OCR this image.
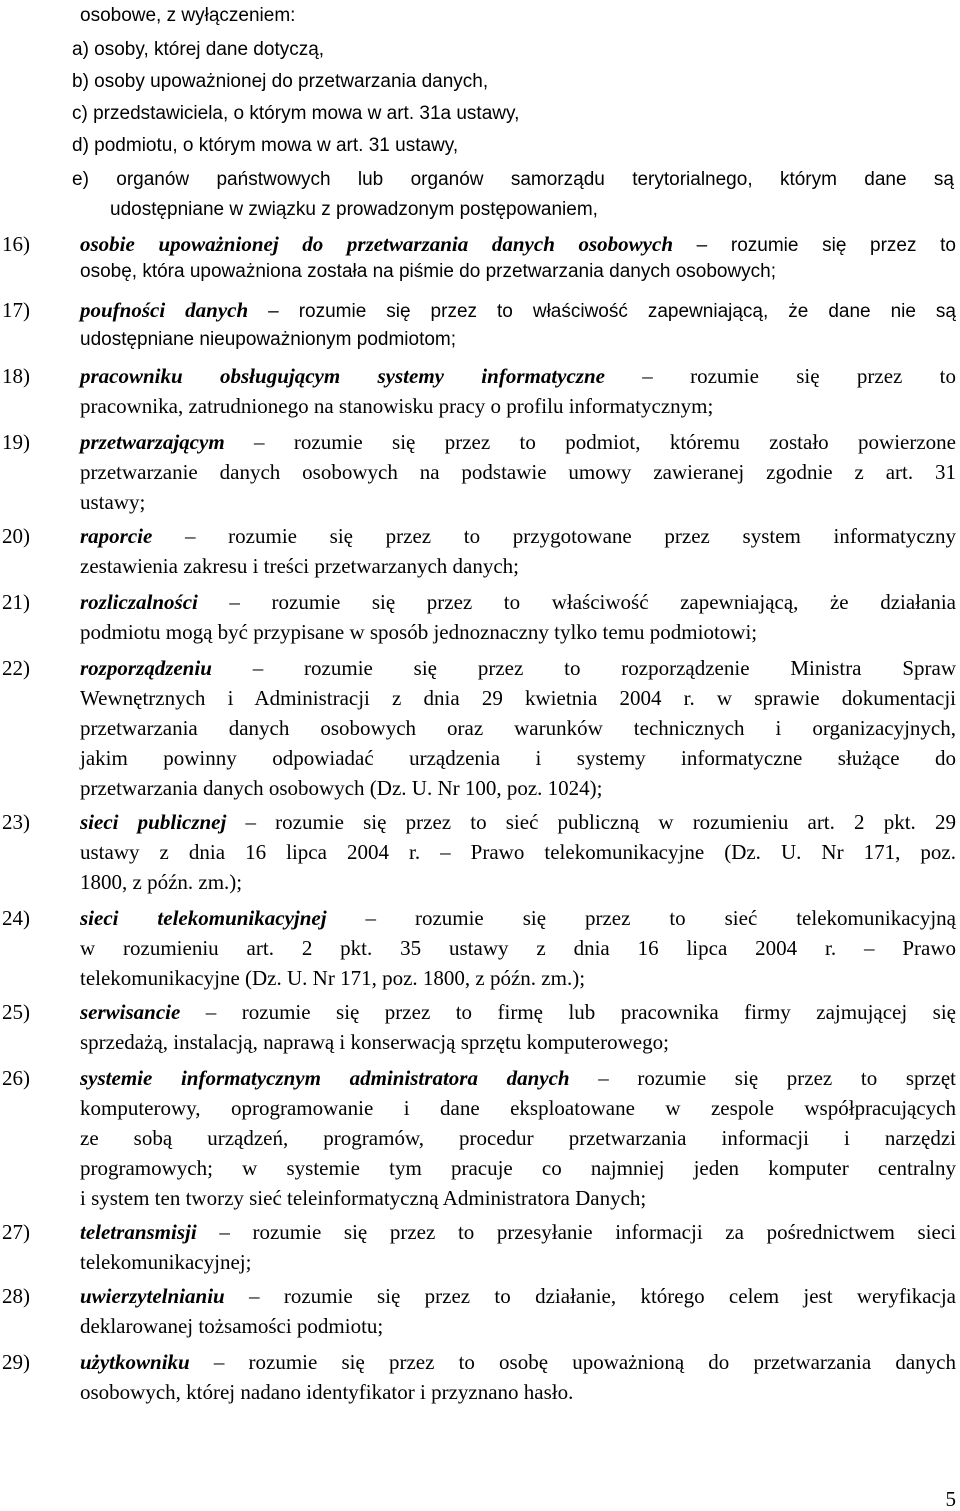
osobowe, z wyłączeniem:
a) osoby, której dane dotyczą,
b) osoby upoważnionej do przetwarzania danych,
c) przedstawiciela, o którym mowa w art. 31a ustawy,
d) podmiotu, o którym mowa w art. 31 ustawy,
e) organów państwowych lub organów samorządu terytorialnego, którym dane są
udostępniane w związku z prowadzonym postępowaniem,
16) osobie upoważnionej do przetwarzania danych osobowych – rozumie się przez to
osobę, która upoważniona została na piśmie do przetwarzania danych osobowych;
17) poufności danych – rozumie się przez to właściwość zapewniającą, że dane nie są
udostępniane nieupoważnionym podmiotom;
18) pracowniku obsługującym systemy informatyczne – rozumie się przez to
pracownika, zatrudnionego na stanowisku pracy o profilu informatycznym;
19) przetwarzającym – rozumie się przez to podmiot, któremu zostało powierzone
przetwarzanie danych osobowych na podstawie umowy zawieranej zgodnie z art. 31
ustawy;
20) raporcie – rozumie się przez to przygotowane przez system informatyczny
zestawienia zakresu i treści przetwarzanych danych;
21) rozliczalności – rozumie się przez to właściwość zapewniającą, że działania
podmiotu mogą być przypisane w sposób jednoznaczny tylko temu podmiotowi;
22) rozporządzeniu – rozumie się przez to rozporządzenie Ministra Spraw
Wewnętrznych i Administracji z dnia 29 kwietnia 2004 r. w sprawie dokumentacji
przetwarzania danych osobowych oraz warunków technicznych i organizacyjnych,
jakim powinny odpowiadać urządzenia i systemy informatyczne służące do
przetwarzania danych osobowych (Dz. U. Nr 100, poz. 1024);
23) sieci publicznej – rozumie się przez to sieć publiczną w rozumieniu art. 2 pkt. 29
ustawy z dnia 16 lipca 2004 r. – Prawo telekomunikacyjne (Dz. U. Nr 171, poz.
1800, z późn. zm.);
24) sieci telekomunikacyjnej – rozumie się przez to sieć telekomunikacyjną
w rozumieniu art. 2 pkt. 35 ustawy z dnia 16 lipca 2004 r. – Prawo
telekomunikacyjne (Dz. U. Nr 171, poz. 1800, z późn. zm.);
25) serwisancie – rozumie się przez to firmę lub pracownika firmy zajmującej się
sprzedażą, instalacją, naprawą i konserwacją sprzętu komputerowego;
26) systemie informatycznym administratora danych – rozumie się przez to sprzęt
komputerowy, oprogramowanie i dane eksploatowane w zespole współpracujących
ze sobą urządzeń, programów, procedur przetwarzania informacji i narzędzi
programowych; w systemie tym pracuje co najmniej jeden komputer centralny
i system ten tworzy sieć teleinformatyczną Administratora Danych;
27) teletransmisji – rozumie się przez to przesyłanie informacji za pośrednictwem sieci
telekomunikacyjnej;
28) uwierzytelnianiu – rozumie się przez to działanie, którego celem jest weryfikacja
deklarowanej tożsamości podmiotu;
29) użytkowniku – rozumie się przez to osobę upoważnioną do przetwarzania danych
osobowych, której nadano identyfikator i przyznano hasło.
5
